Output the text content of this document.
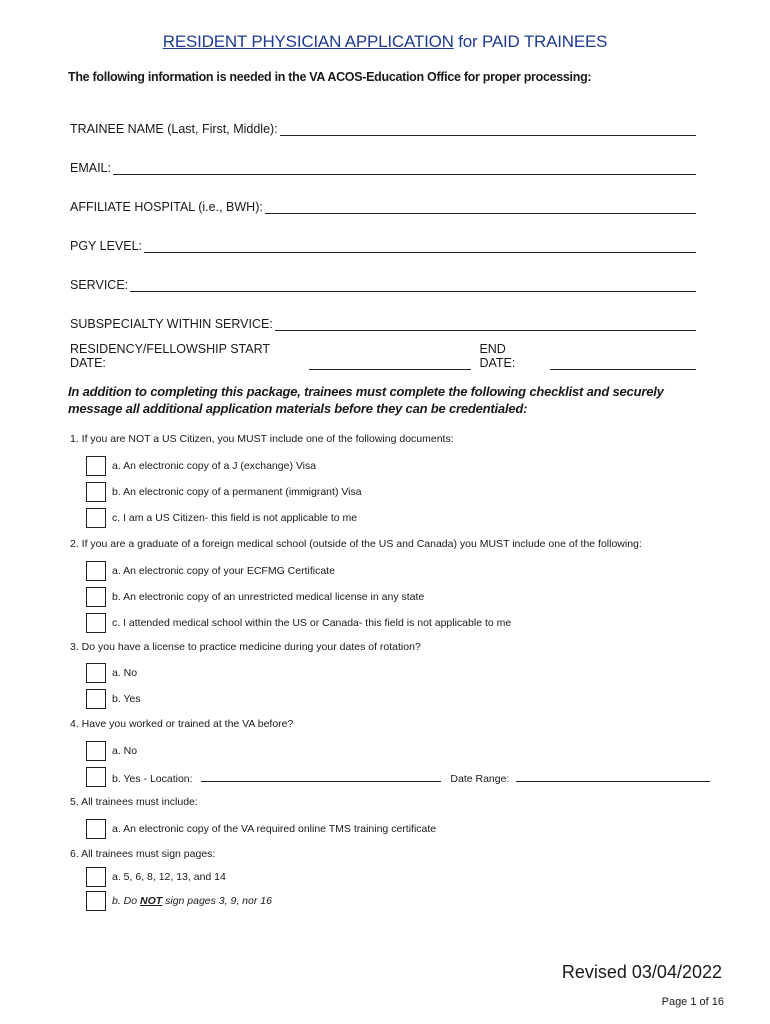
RESIDENT PHYSICIAN APPLICATION for PAID TRAINEES
The following information is needed in the VA ACOS-Education Office for proper processing:
TRAINEE NAME (Last, First, Middle):
EMAIL:
AFFILIATE HOSPITAL (i.e., BWH):
PGY LEVEL:
SERVICE:
SUBSPECIALTY WITHIN SERVICE:
RESIDENCY/FELLOWSHIP START DATE:
END DATE:
In addition to completing this package, trainees must complete the following checklist and securely message all additional application materials before they can be credentialed:
1. If you are NOT a US Citizen, you MUST include one of the following documents:
a. An electronic copy of a J (exchange) Visa
b. An electronic copy of a permanent (immigrant) Visa
c. I am a US Citizen- this field is not applicable to me
2. If you are a graduate of a foreign medical school (outside of the US and Canada) you MUST include one of the following:
a. An electronic copy of your ECFMG Certificate
b. An electronic copy of an unrestricted medical license in any state
c. I attended medical school within the US or Canada- this field is not applicable to me
3. Do you have a license to practice medicine during your dates of rotation?
a. No
b. Yes
4. Have you worked or trained at the VA before?
a. No
b. Yes - Location:	Date Range:
5. All trainees must include:
a. An electronic copy of the VA required online TMS training certificate
6. All trainees must sign pages:
a. 5, 6, 8, 12, 13, and 14
b. Do NOT sign pages 3, 9, nor 16
Revised 03/04/2022
Page 1 of 16
